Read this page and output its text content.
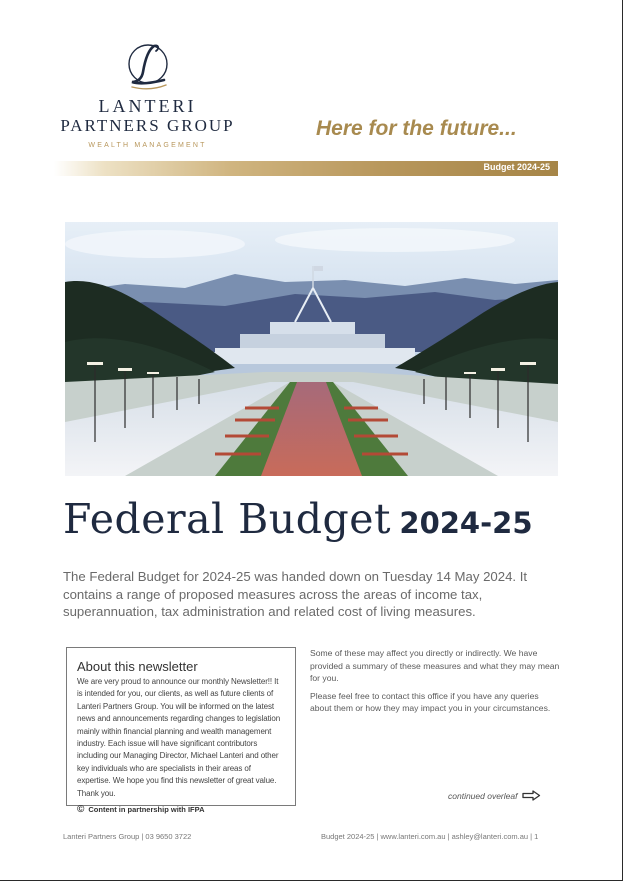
LANTERI
PARTNERS GROUP
WEALTH MANAGEMENT
Here for the future...
Budget 2024-25
Federal Budget 2024-25
The Federal Budget for 2024-25 was handed down on Tuesday 14 May 2024. It contains a range of proposed measures across the areas of income tax, superannuation, tax administration and related cost of living measures.
About this newsletter
We are very proud to announce our monthly Newsletter!! It is intended for you, our clients, as well as future clients of Lanteri Partners Group. You will be informed on the latest news and announcements regarding changes to legislation mainly within financial planning and wealth management industry. Each issue will have significant contributors including our Managing Director, Michael Lanteri and other key individuals who are specialists in their areas of expertise. We hope you find this newsletter of great value. Thank you.
© Content in partnership with IFPA

Some of these may affect you directly or indirectly. We have provided a summary of these measures and what they may mean for you.

Please feel free to contact this office if you have any queries about them or how they may impact you in your circumstances.

continued overleaf
Lanteri Partners Group | 03 9650 3722	Budget 2024-25 | www.lanteri.com.au | ashley@lanteri.com.au | 1
